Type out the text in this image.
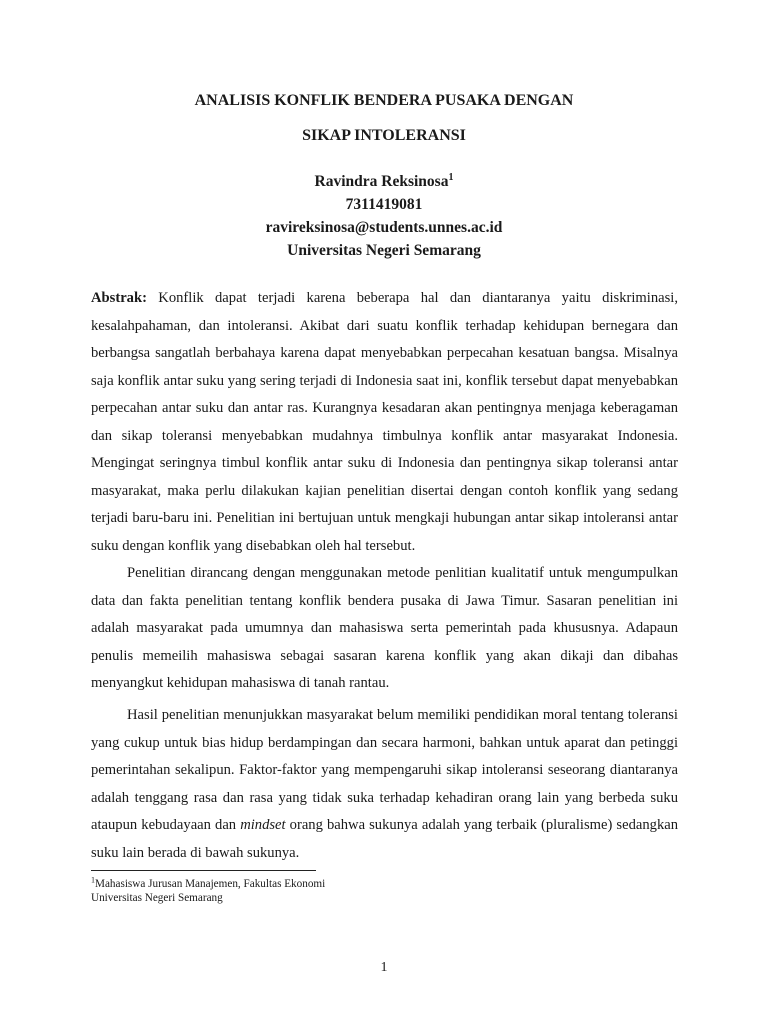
ANALISIS KONFLIK BENDERA PUSAKA DENGAN
SIKAP INTOLERANSI
Ravindra Reksinosa$^1$
7311419081
ravireksinosa@students.unnes.ac.id
Universitas Negeri Semarang

Abstrak: Konflik dapat terjadi karena beberapa hal dan diantaranya yaitu diskriminasi, kesalahpahaman, dan intoleransi. Akibat dari suatu konflik terhadap kehidupan bernegara dan berbangsa sangatlah berbahaya karena dapat menyebabkan perpecahan kesatuan bangsa. Misalnya saja konflik antar suku yang sering terjadi di Indonesia saat ini, konflik tersebut dapat menyebabkan perpecahan antar suku dan antar ras. Kurangnya kesadaran akan pentingnya menjaga keberagaman dan sikap toleransi menyebabkan mudahnya timbulnya konflik antar masyarakat Indonesia. Mengingat seringnya timbul konflik antar suku di Indonesia dan pentingnya sikap toleransi antar masyarakat, maka perlu dilakukan kajian penelitian disertai dengan contoh konflik yang sedang terjadi baru-baru ini. Penelitian ini bertujuan untuk mengkaji hubungan antar sikap intoleransi antar suku dengan konflik yang disebabkan oleh hal tersebut.

Penelitian dirancang dengan menggunakan metode penlitian kualitatif untuk mengumpulkan data dan fakta penelitian tentang konflik bendera pusaka di Jawa Timur. Sasaran penelitian ini adalah masyarakat pada umumnya dan mahasiswa serta pemerintah pada khususnya. Adapaun penulis memeilih mahasiswa sebagai sasaran karena konflik yang akan dikaji dan dibahas menyangkut kehidupan mahasiswa di tanah rantau.

Hasil penelitian menunjukkan masyarakat belum memiliki pendidikan moral tentang toleransi yang cukup untuk bias hidup berdampingan dan secara harmoni, bahkan untuk aparat dan petinggi pemerintahan sekalipun. Faktor-faktor yang mempengaruhi sikap intoleransi seseorang diantaranya adalah tenggang rasa dan rasa yang tidak suka terhadap kehadiran orang lain yang berbeda suku ataupun kebudayaan dan mindset orang bahwa sukunya adalah yang terbaik (pluralisme) sedangkan suku lain berada di bawah sukunya.

$^1$Mahasiswa Jurusan Manajemen, Fakultas Ekonomi
Universitas Negeri Semarang
1
